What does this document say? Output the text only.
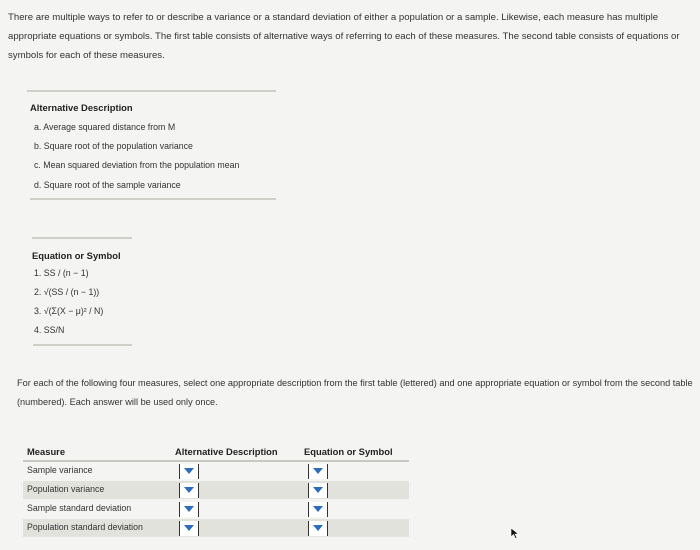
There are multiple ways to refer to or describe a variance or a standard deviation of either a population or a sample. Likewise, each measure has multiple appropriate equations or symbols. The first table consists of alternative ways of referring to each of these measures. The second table consists of equations or symbols for each of these measures.
Alternative Description
a. Average squared distance from M
b. Square root of the population variance
c. Mean squared deviation from the population mean
d. Square root of the sample variance
Equation or Symbol
1. SS / (n − 1)
2. √(SS / (n − 1))
3. √(Σ(X − μ)² / N)
4. SS/N
For each of the following four measures, select one appropriate description from the first table (lettered) and one appropriate equation or symbol from the second table (numbered). Each answer will be used only once.
Measure	Alternative Description	Equation or Symbol
Sample variance
Population variance
Sample standard deviation
Population standard deviation
